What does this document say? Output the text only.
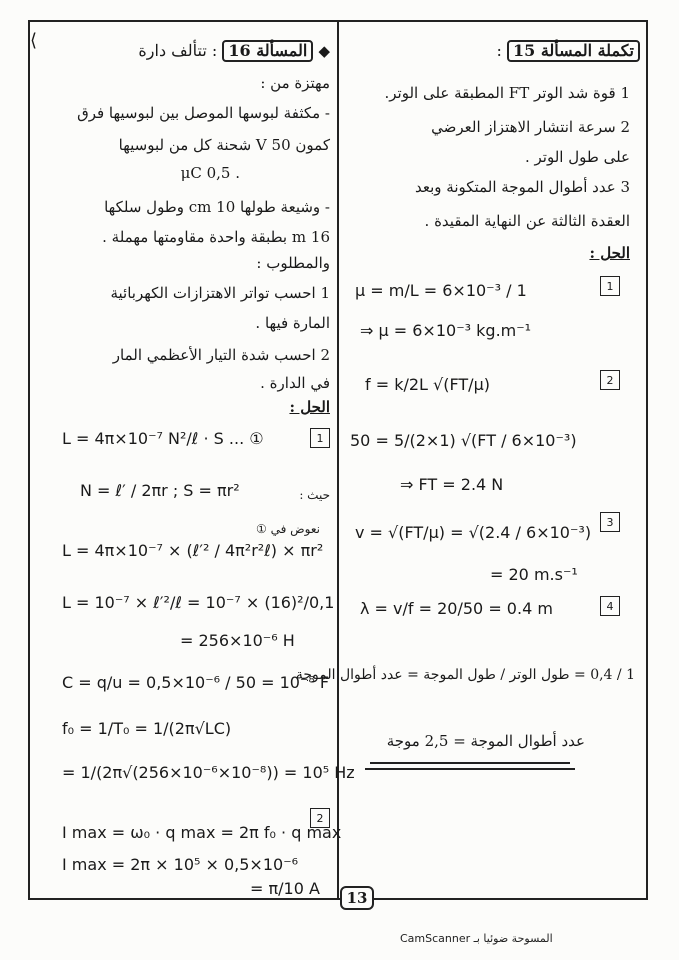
⟨	◆ المسألة 16 : تتألف دارة
مهتزة من :
- مكثفة لبوسها الموصل بين لبوسيها فرق
كمون 50 V شحنة كل من لبوسيها
. 0,5 μC
- وشيعة طولها 10 cm وطول سلكها
16 m بطبقة واحدة مقاومتها مهملة .
والمطلوب :
1 احسب تواتر الاهتزازات الكهربائية
المارة فيها .
2 احسب شدة التيار الأعظمي المار
في الدارة .
الحل :
1
L = 4π×10⁻⁷ N²/ℓ · S ... ①
N = ℓ′ / 2πr ; S = πr²	حيث :
نعوض في ①
L = 4π×10⁻⁷ × (ℓ′² / 4π²r²ℓ) × πr²
L = 10⁻⁷ × ℓ′²/ℓ = 10⁻⁷ × (16)²/0,1
= 256×10⁻⁶ H
C = q/u = 0,5×10⁻⁶ / 50 = 10⁻⁸ F
f₀ = 1/T₀ = 1/(2π√LC)
= 1/(2π√(256×10⁻⁶×10⁻⁸)) = 10⁵ Hz
2
I max = ω₀ · q max = 2π f₀ · q max
I max = 2π × 10⁵ × 0,5×10⁻⁶
= π/10 A
تكملة المسألة 15 :
1 قوة شد الوتر FT المطبقة على الوتر.
2 سرعة انتشار الاهتزاز العرضي
على طول الوتر .
3 عدد أطوال الموجة المتكونة وبعد
العقدة الثالثة عن النهاية المقيدة .
الحل :
1
μ = m/L = 6×10⁻³ / 1
⇒ μ = 6×10⁻³ kg.m⁻¹
2
f = k/2L √(FT/μ)
50 = 5/(2×1) √(FT / 6×10⁻³)
⇒ FT = 2.4 N
3
v = √(FT/μ) = √(2.4 / 6×10⁻³)
= 20 m.s⁻¹
4
λ = v/f = 20/50 = 0.4 m
1 / 0,4 = طول الوتر / طول الموجة = عدد أطوال الموجة
عدد أطوال الموجة = 2,5 موجة
13
المسوحة ضوئيا بـ CamScanner
